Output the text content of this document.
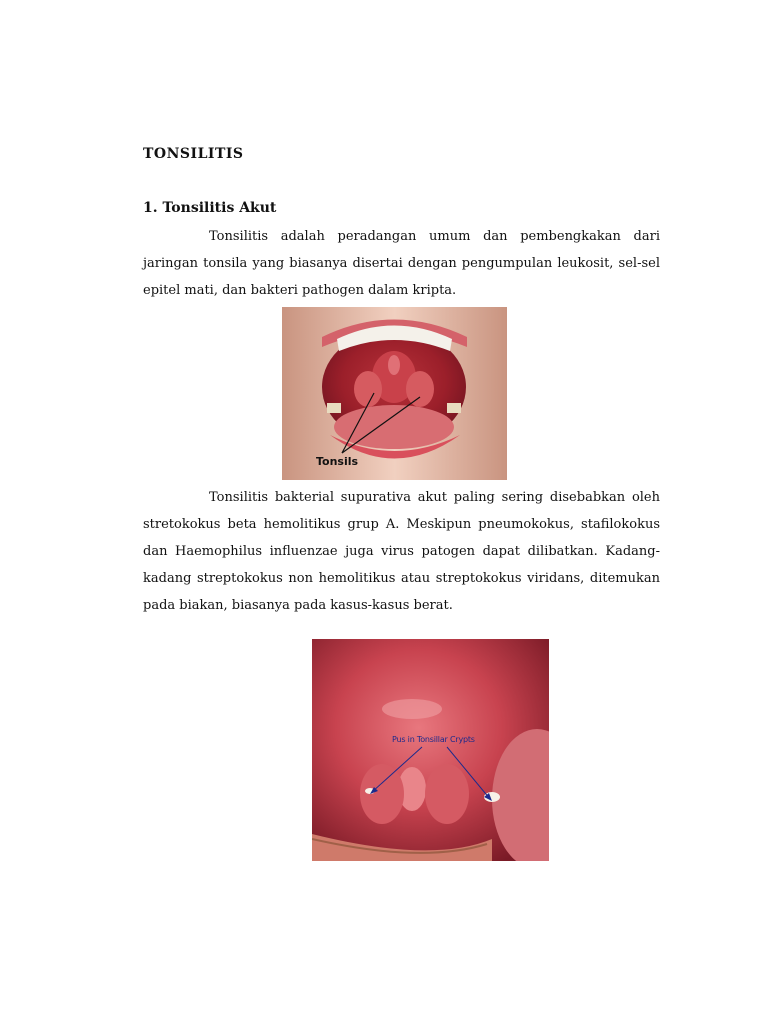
TONSILITIS
1. Tonsilitis Akut

Tonsilitis adalah peradangan umum dan pembengkakan dari jaringan tonsila yang biasanya disertai dengan pengumpulan leukosit, sel-sel epitel mati, dan bakteri pathogen dalam kripta.

Tonsils

Tonsilitis bakterial supurativa akut paling sering disebabkan oleh stretokokus beta hemolitikus grup A. Meskipun pneumokokus, stafilokokus dan Haemophilus influenzae juga virus patogen dapat dilibatkan. Kadang-kadang streptokokus non hemolitikus atau streptokokus viridans, ditemukan pada biakan, biasanya pada kasus-kasus berat.

Pus in Tonsillar Crypts
